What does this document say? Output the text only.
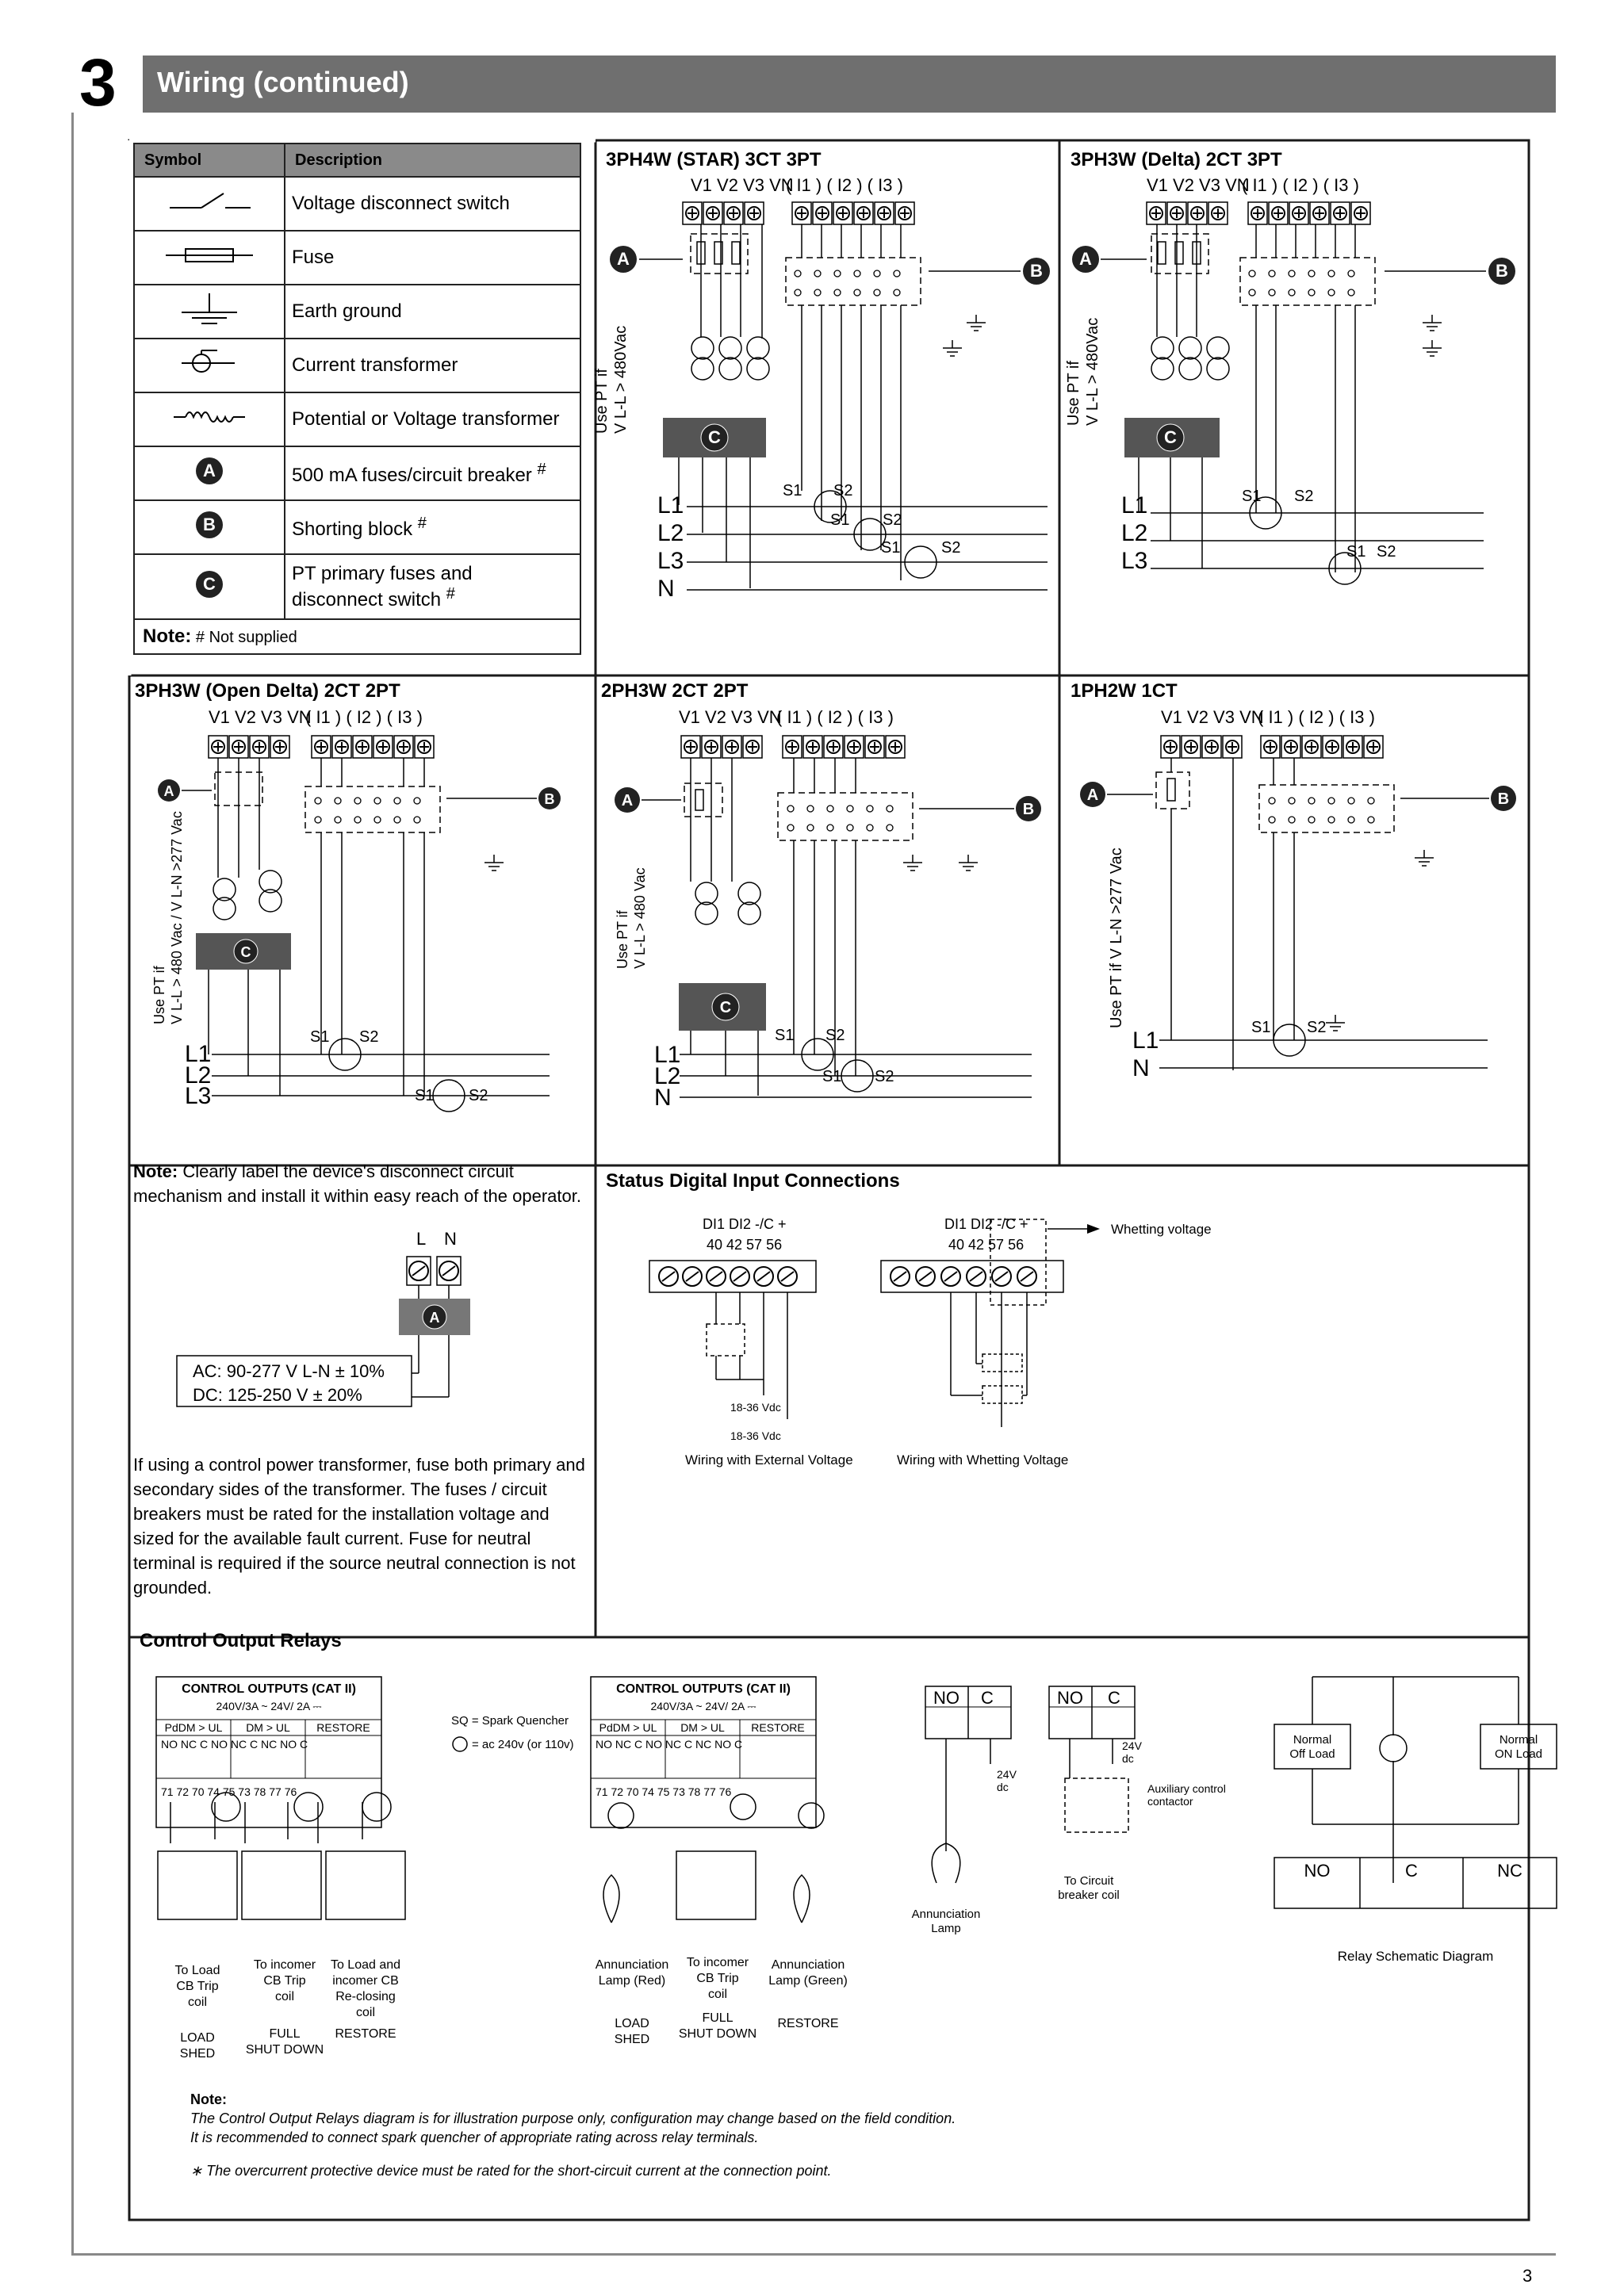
3 Wiring (continued)
Symbol	Description
	Voltage disconnect switch
	Fuse
	Earth ground
	Current transformer
	Potential or Voltage transformer

A	500 mA fuses/circuit breaker #

B	Shorting block #

C	PT primary fuses and
disconnect switch #
Note: # Not supplied	
V1 V2 V3 VN
( I1 ) ( I2 ) ( I3 )
A
B
C
Use PT if V L-L > 480Vac
L1
L2
L3
N
S1 S2
S1 S2
S1	S2
V1 V2 V3 VN
( I1 ) ( I2 ) ( I3 )
A
B
C
Use PT if V L-L > 480Vac
L1
L2
L3
S1 S2
S1 S2
V1 V2 V3 VN
( I1 ) ( I2 ) ( I3 )
A	B
C
Use PT if V L-L > 480 Vac / V L-N >277 Vac
L1
L2
L3
S1 S2
S1 S2
V1 V2 V3 VN
( I1 ) ( I2 ) ( I3 )
A	B
C
Use PT if V L-L > 480 Vac
L1
L2
N
S1 S2
S1 S2
V1 V2 V3 VN
( I1 ) ( I2 ) ( I3 )
A	B
Use PT if V L-N >277 Vac
L1
N
S1 S2
L N
A
AC: 90-277 V L-N ± 10%
DC: 125-250 V ± 20%
DI1 DI2 -/C +
40 42 57 56
18-36 Vdc
18-36 Vdc
Wiring with External Voltage
DI1 DI2 -/C +
40 42 57 56
Whetting voltage
Wiring with Whetting Voltage
CONTROL OUTPUTS (CAT II)
240V/3A ~ 24V/ 2A ⎓
PdDM > UL DM > UL RESTORE
NO NC C NO NC C NC NO C
71 72 70 74 75 73 78 77 76
To Load
CB Trip
coil
To incomer
CB Trip
coil
To Load and
incomer CB
Re-closing
coil
LOAD
SHED
FULL
SHUT DOWN
RESTORE
SQ = Spark Quencher
= ac 240v (or 110v)
CONTROL OUTPUTS (CAT II)
240V/3A ~ 24V/ 2A ⎓
PdDM > UL DM > UL RESTORE
NO NC C NO NC C NC NO C
71 72 70 74 75 73 78 77 76
Annunciation
Lamp (Red)
To incomer
CB Trip
coil
Annunciation
Lamp (Green)
LOAD
SHED
FULL
SHUT DOWN
RESTORE
NO C
24V
dc
Annunciation
Lamp
NO C
24V
dc
Auxiliary control
contactor
To Circuit
breaker coil
Normal
Off Load
Normal
ON Load
NO	C	NC
Relay Schematic Diagram
3PH4W (STAR) 3CT 3PT	3PH3W (Delta) 2CT 3PT
3PH3W (Open Delta) 2CT 2PT	2PH3W 2CT 2PT	1PH2W 1CT
Note: Clearly label the device's disconnect circuit mechanism and install it within easy reach of the operator.
If using a control power transformer, fuse both primary and secondary sides of the transformer. The fuses / circuit breakers must be rated for the installation voltage and sized for the available fault current. Fuse for neutral terminal is required if the source neutral connection is not grounded.
Status Digital Input Connections
Control Output Relays
Note:
The Control Output Relays diagram is for illustration purpose only, configuration may change based on the field condition.
It is recommended to connect spark quencher of appropriate rating across relay terminals.
∗ The overcurrent protective device must be rated for the short-circuit current at the connection point.
3
